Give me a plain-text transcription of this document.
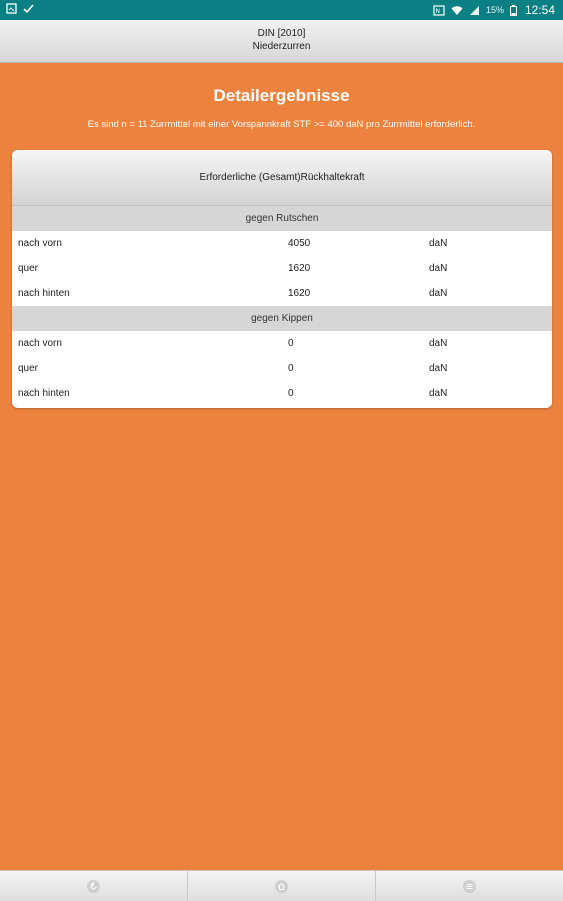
N	15% 12:54
DIN [2010]
Niederzurren
Detailergebnisse
Es sind n = 11 Zurrmittel mit einer Vorspannkraft STF >= 400 daN pro Zurrmittel erforderlich.
Erforderliche (Gesamt)Rückhaltekraft
gegen Rutschen
nach vorn	4050	daN
quer	1620	daN
nach hinten	1620	daN
gegen Kippen
nach vorn	0	daN
quer	0	daN
nach hinten	0	daN
